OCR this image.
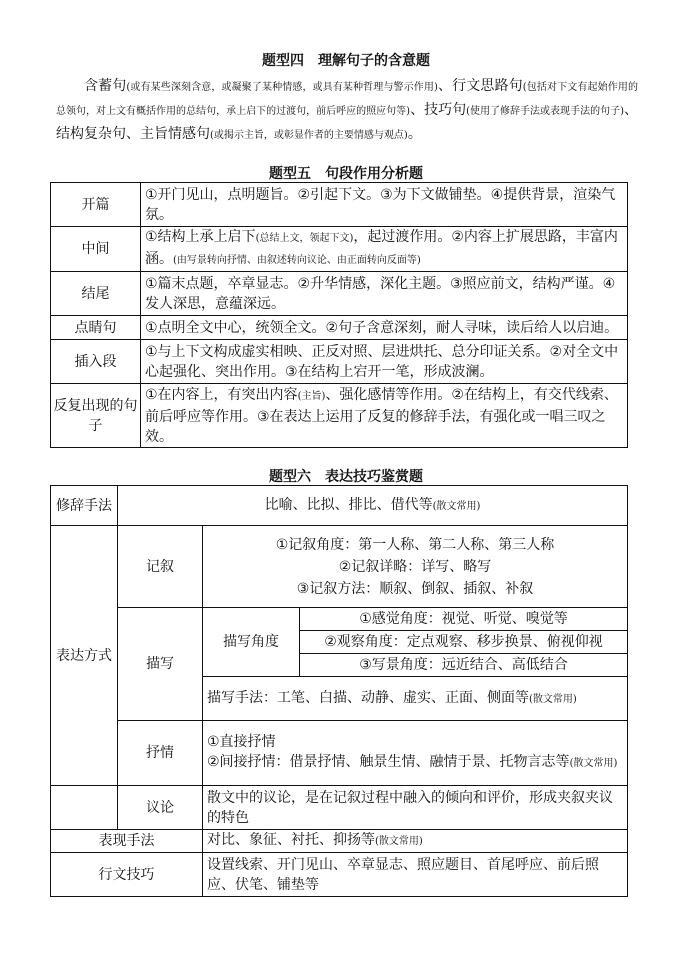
题型四　理解句子的含意题

含蓄句(或有某些深刻含意，或凝聚了某种情感，或具有某种哲理与警示作用)、行文思路句(包括对下文有起始作用的总领句，对上文有概括作用的总结句，承上启下的过渡句，前后呼应的照应句等)、技巧句(使用了修辞手法或表现手法的句子)、结构复杂句、主旨情感句(或揭示主旨，或彰显作者的主要情感与观点)。

题型五　句段作用分析题
开篇	①开门见山，点明题旨。②引起下文。③为下文做铺垫。④提供背景，渲染气氛。
中间	①结构上承上启下(总结上文，领起下文)，起过渡作用。②内容上扩展思路，丰富内涵。(由写景转向抒情、由叙述转向议论、由正面转向反面等)
结尾	①篇末点题，卒章显志。②升华情感，深化主题。③照应前文，结构严谨。④发人深思，意蕴深远。
点睛句	①点明全文中心，统领全文。②句子含意深刻，耐人寻味，读后给人以启迪。
插入段	①与上下文构成虚实相映、正反对照、层进烘托、总分印证关系。②对全文中心起强化、突出作用。③在结构上宕开一笔，形成波澜。
反复出现的句子	①在内容上，有突出内容(主旨)、强化感情等作用。②在结构上，有交代线索、前后呼应等作用。③在表达上运用了反复的修辞手法，有强化或一唱三叹之效。
题型六　表达技巧鉴赏题
修辞手法	比喻、比拟、排比、借代等(散文常用)		
表达方式	记叙	①记叙角度：第一人称、第二人称、第三人称
②记叙详略：详写、略写
③记叙方法：顺叙、倒叙、插叙、补叙	

	描写	描写角度	①感觉角度：视觉、听觉、嗅觉等
			②观察角度：定点观察、移步换景、俯视仰视
			③写景角度：远近结合、高低结合
		描写手法：工笔、白描、动静、虚实、正面、侧面等(散文常用)	
	抒情	①直接抒情
②间接抒情：借景抒情、触景生情、融情于景、托物言志等(散文常用)	

	议论	散文中的议论，是在记叙过程中融入的倾向和评价，形成夹叙夹议的特色	
表现手法		对比、象征、衬托、抑扬等(散文常用)	
行文技巧		设置线索、开门见山、卒章显志、照应题目、首尾呼应、前后照应、伏笔、铺垫等	
